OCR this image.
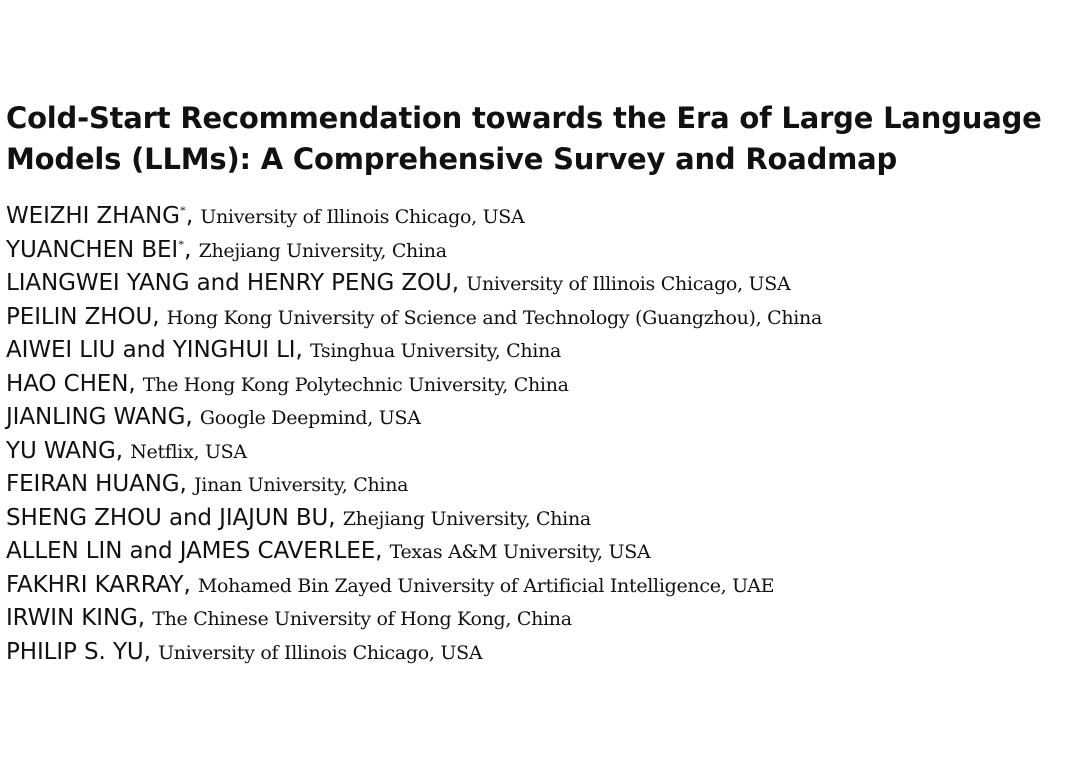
Cold-Start Recommendation towards the Era of Large Language
Models (LLMs): A Comprehensive Survey and Roadmap
WEIZHI ZHANG*, University of Illinois Chicago, USA
YUANCHEN BEI*, Zhejiang University, China
LIANGWEI YANG and HENRY PENG ZOU, University of Illinois Chicago, USA
PEILIN ZHOU, Hong Kong University of Science and Technology (Guangzhou), China
AIWEI LIU and YINGHUI LI, Tsinghua University, China
HAO CHEN, The Hong Kong Polytechnic University, China
JIANLING WANG, Google Deepmind, USA
YU WANG, Netflix, USA
FEIRAN HUANG, Jinan University, China
SHENG ZHOU and JIAJUN BU, Zhejiang University, China
ALLEN LIN and JAMES CAVERLEE, Texas A&M University, USA
FAKHRI KARRAY, Mohamed Bin Zayed University of Artificial Intelligence, UAE
IRWIN KING, The Chinese University of Hong Kong, China
PHILIP S. YU, University of Illinois Chicago, USA
